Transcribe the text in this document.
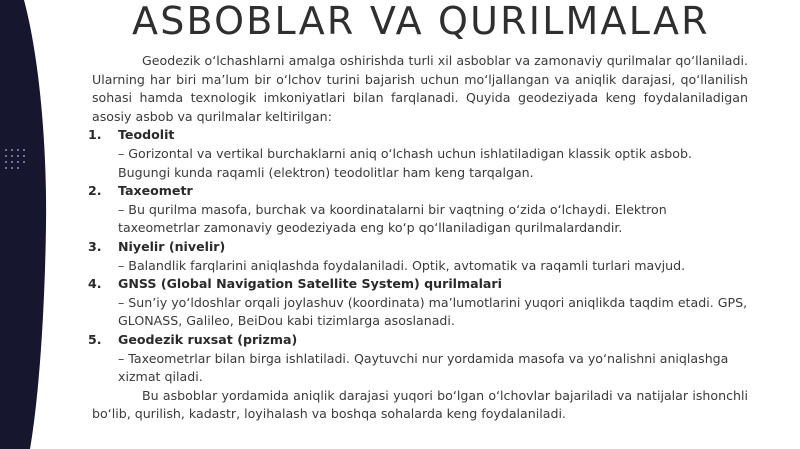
ASBOBLAR VA QURILMALAR

Geodezik o‘lchashlarni amalga oshirishda turli xil asboblar va zamonaviy qurilmalar qo‘llaniladi. Ularning har biri ma’lum bir o‘lchov turini bajarish uchun mo‘ljallangan va aniqlik darajasi, qo‘llanilish sohasi hamda texnologik imkoniyatlari bilan farqlanadi. Quyida geodeziyada keng foydalaniladigan asosiy asbob va qurilmalar keltirilgan:

1. Teodolit
– Gorizontal va vertikal burchaklarni aniq o‘lchash uchun ishlatiladigan klassik optik asbob. Bugungi kunda raqamli (elektron) teodolitlar ham keng tarqalgan.
2. Taxeometr
– Bu qurilma masofa, burchak va koordinatalarni bir vaqtning o‘zida o‘lchaydi. Elektron taxeometrlar zamonaviy geodeziyada eng ko‘p qo‘llaniladigan qurilmalardandir.
3. Niyelir (nivelir)
– Balandlik farqlarini aniqlashda foydalaniladi. Optik, avtomatik va raqamli turlari mavjud.
4. GNSS (Global Navigation Satellite System) qurilmalari
– Sun’iy yo‘ldoshlar orqali joylashuv (koordinata) ma’lumotlarini yuqori aniqlikda taqdim etadi. GPS, GLONASS, Galileo, BeiDou kabi tizimlarga asoslanadi.
5. Geodezik ruxsat (prizma)
– Taxeometrlar bilan birga ishlatiladi. Qaytuvchi nur yordamida masofa va yo‘nalishni aniqlashga xizmat qiladi.

Bu asboblar yordamida aniqlik darajasi yuqori bo‘lgan o‘lchovlar bajariladi va natijalar ishonchli bo‘lib, qurilish, kadastr, loyihalash va boshqa sohalarda keng foydalaniladi.
